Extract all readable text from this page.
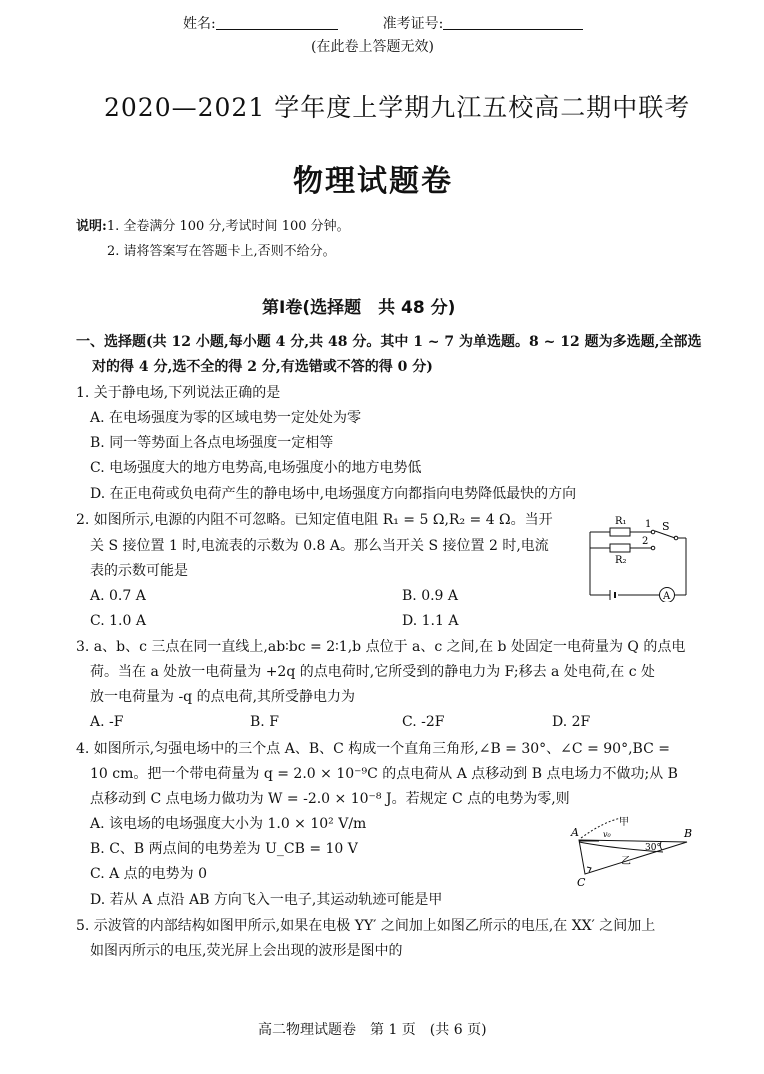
姓名:	准考证号:
(在此卷上答题无效)
2020—2021 学年度上学期九江五校高二期中联考
物理试题卷
说明:1. 全卷满分 100 分,考试时间 100 分钟。
2. 请将答案写在答题卡上,否则不给分。
第Ⅰ卷(选择题　共 48 分)
一、选择题(共 12 小题,每小题 4 分,共 48 分。其中 1 ~ 7 为单选题。8 ~ 12 题为多选题,全部选
对的得 4 分,选不全的得 2 分,有选错或不答的得 0 分)
1. 关于静电场,下列说法正确的是
A. 在电场强度为零的区域电势一定处处为零
B. 同一等势面上各点电场强度一定相等
C. 电场强度大的地方电势高,电场强度小的地方电势低
D. 在正电荷或负电荷产生的静电场中,电场强度方向都指向电势降低最快的方向
2. 如图所示,电源的内阻不可忽略。已知定值电阻 R₁ = 5 Ω,R₂ = 4 Ω。当开
关 S 接位置 1 时,电流表的示数为 0.8 A。那么当开关 S 接位置 2 时,电流
表的示数可能是
A. 0.7 A	B. 0.9 A
C. 1.0 A	D. 1.1 A
R₁
R₂
1
2
S
A
3. a、b、c 三点在同一直线上,ab∶bc = 2∶1,b 点位于 a、c 之间,在 b 处固定一电荷量为 Q 的点电
荷。当在 a 处放一电荷量为 +2q 的点电荷时,它所受到的静电力为 F;移去 a 处电荷,在 c 处
放一电荷量为 -q 的点电荷,其所受静电力为
A. -F	B. F	C. -2F	D. 2F
4. 如图所示,匀强电场中的三个点 A、B、C 构成一个直角三角形,∠B = 30°、∠C = 90°,BC =
10 cm。把一个带电荷量为 q = 2.0 × 10⁻⁹C 的点电荷从 A 点移动到 B 点电场力不做功;从 B
点移动到 C 点电场力做功为 W = -2.0 × 10⁻⁸ J。若规定 C 点的电势为零,则
A. 该电场的电场强度大小为 1.0 × 10² V/m
B. C、B 两点间的电势差为 U_CB = 10 V
C. A 点的电势为 0
D. 若从 A 点沿 AB 方向飞入一电子,其运动轨迹可能是甲
A	B
C
30°
甲
乙
v₀
5. 示波管的内部结构如图甲所示,如果在电极 YY′ 之间加上如图乙所示的电压,在 XX′ 之间加上
如图丙所示的电压,荧光屏上会出现的波形是图中的
高二物理试题卷　第 1 页　(共 6 页)
